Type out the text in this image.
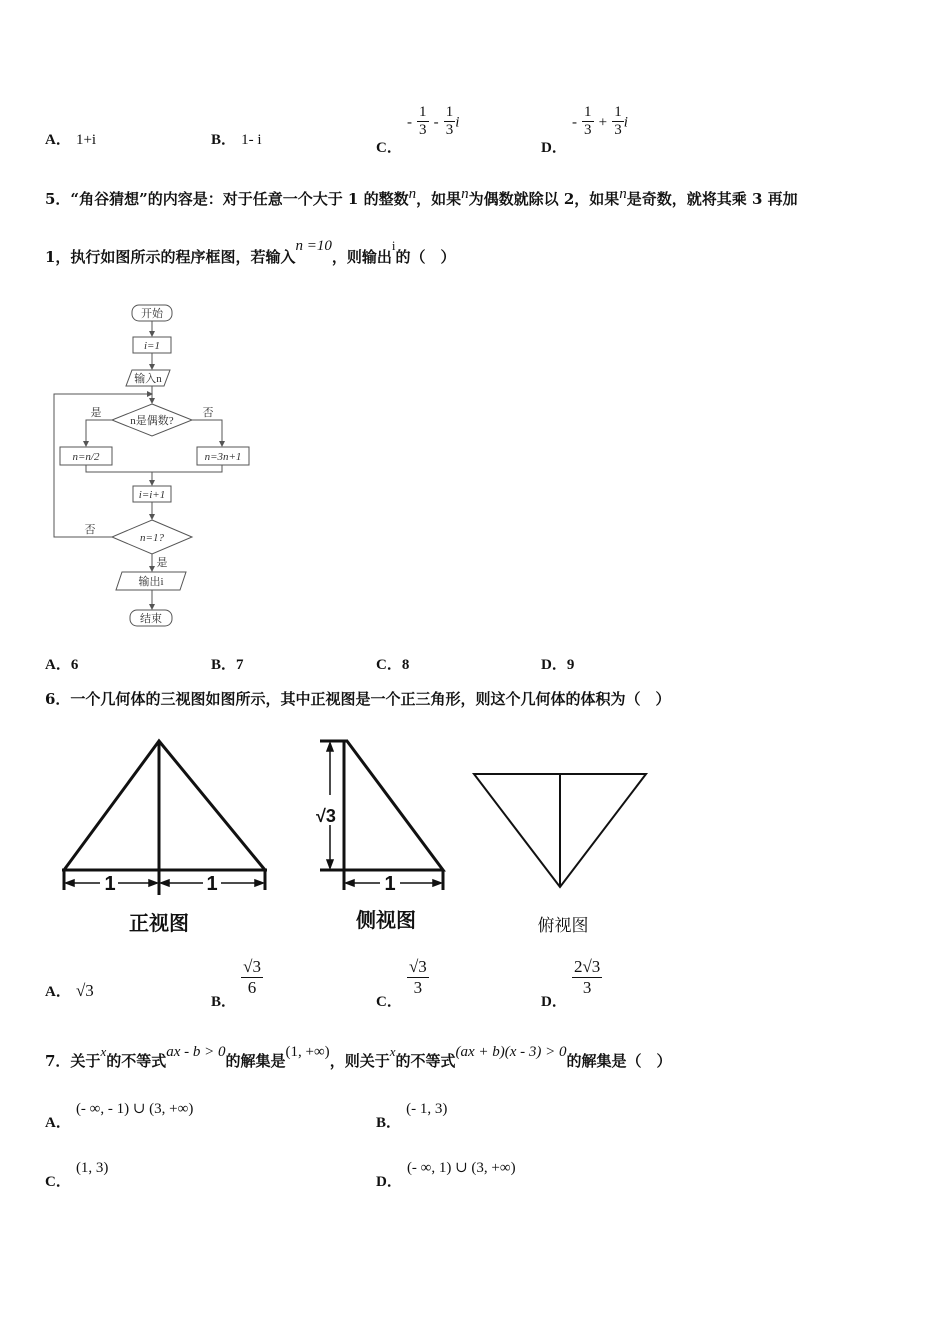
A． 1+i	B． 1- i
C． - $\frac{1}{3} - \frac{1}{3}$ i
D． - $\frac{1}{3} + \frac{1}{3}$ i
5．“角谷猜想”的内容是：对于任意一个大于 1 的整数$^n$，如果$^n$为偶数就除以 2，如果$^n$是奇数，就将其乘 3 再加
1，执行如图所示的程序框图，若输入n =10，则输出i的（　）
开始
i=1
输入n
n是偶数?
是	否
n=n/2	n=3n+1
i=i+1
n=1?
否
是
输出i
结束
A．6	B．7	C．8	D．9
6．一个几何体的三视图如图所示，其中正视图是一个正三角形，则这个几何体的体积为（　）
1	1
正视图
√3
1
侧视图	俯视图
A． √3
B．
$\frac{√3}{6}$
C．
$\frac{√3}{3}$
D．
$\frac{2√3}{3}$
7．关于x的不等式ax - b > 0的解集是(1, +∞)，则关于x的不等式(ax + b)(x - 3) > 0的解集是（　）
A． (- ∞, - 1) ∪ (3, +∞)
B． (- 1, 3)
C． (1, 3)
D． (- ∞, 1) ∪ (3, +∞)
